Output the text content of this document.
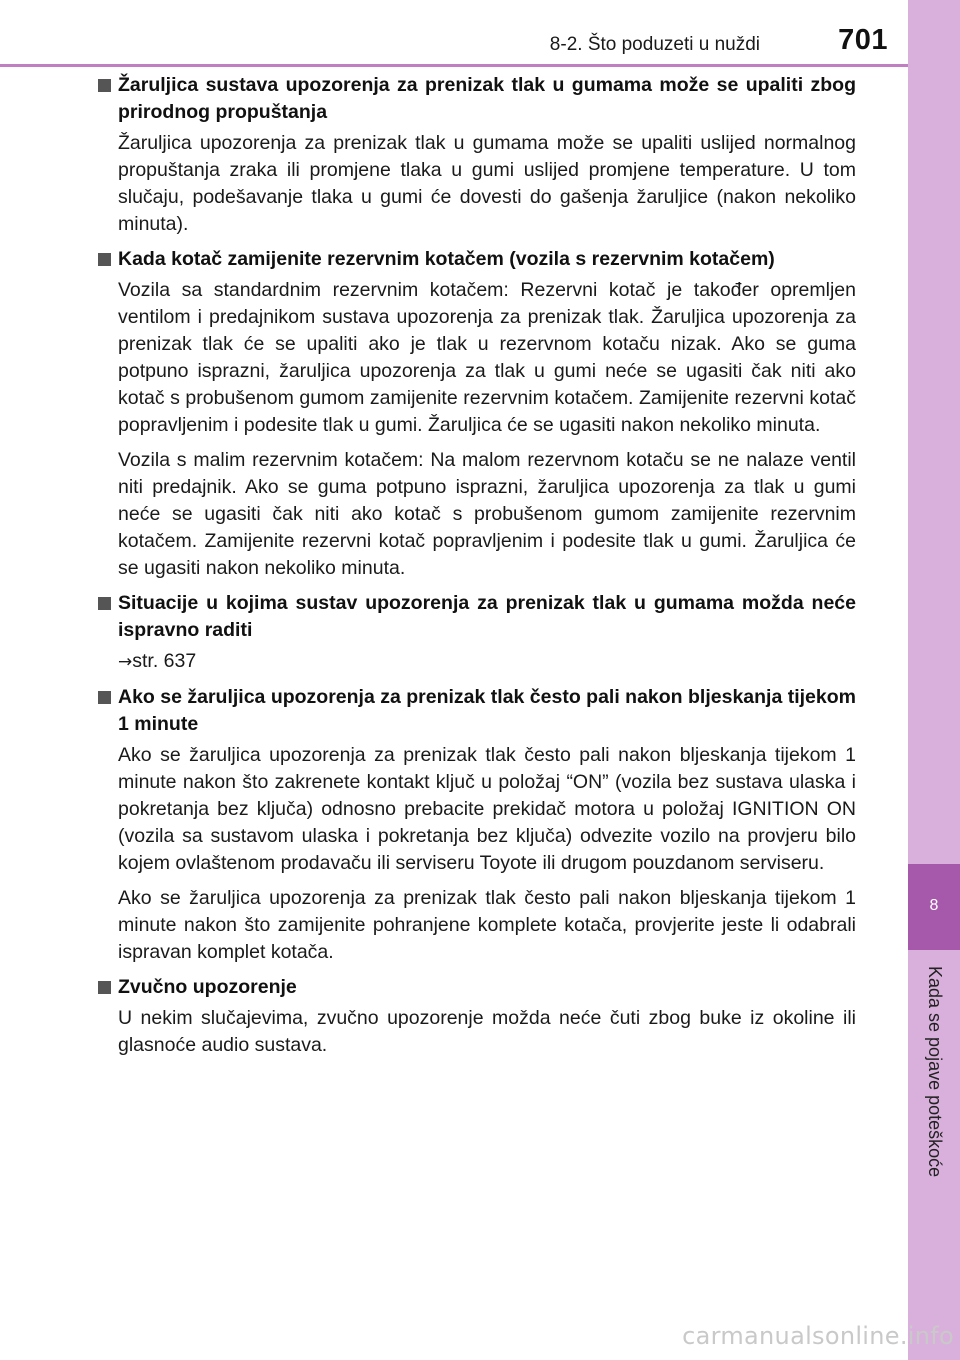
8-2. Što poduzeti u nuždi	701
8
Kada se pojave poteškoće
Žaruljica sustava upozorenja za prenizak tlak u gumama može se upaliti zbog prirodnog propuštanja
Žaruljica upozorenja za prenizak tlak u gumama može se upaliti uslijed normalnog propuštanja zraka ili promjene tlaka u gumi uslijed promjene temperature. U tom slučaju, podešavanje tlaka u gumi će dovesti do gašenja žaruljice (nakon nekoliko minuta).
Kada kotač zamijenite rezervnim kotačem (vozila s rezervnim kotačem)
Vozila sa standardnim rezervnim kotačem: Rezervni kotač je također opremljen ventilom i predajnikom sustava upozorenja za prenizak tlak. Žaruljica upozorenja za prenizak tlak će se upaliti ako je tlak u rezervnom kotaču nizak. Ako se guma potpuno isprazni, žaruljica upozorenja za tlak u gumi neće se ugasiti čak niti ako kotač s probušenom gumom zamijenite rezervnim kotačem. Zamijenite rezervni kotač popravljenim i podesite tlak u gumi. Žaruljica će se ugasiti nakon nekoliko minuta.
Vozila s malim rezervnim kotačem: Na malom rezervnom kotaču se ne nalaze ventil niti predajnik. Ako se guma potpuno isprazni, žaruljica upozorenja za tlak u gumi neće se ugasiti čak niti ako kotač s probušenom gumom zamijenite rezervnim kotačem. Zamijenite rezervni kotač popravljenim i podesite tlak u gumi. Žaruljica će se ugasiti nakon nekoliko minuta.
Situacije u kojima sustav upozorenja za prenizak tlak u gumama možda neće ispravno raditi
→str. 637
Ako se žaruljica upozorenja za prenizak tlak često pali nakon bljeskanja tijekom 1 minute
Ako se žaruljica upozorenja za prenizak tlak često pali nakon bljeskanja tijekom 1 minute nakon što zakrenete kontakt ključ u položaj “ON” (vozila bez sustava ulaska i pokretanja bez ključa) odnosno prebacite prekidač motora u položaj IGNITION ON (vozila sa sustavom ulaska i pokretanja bez ključa) odvezite vozilo na provjeru bilo kojem ovlaštenom prodavaču ili serviseru Toyote ili drugom pouzdanom serviseru.
Ako se žaruljica upozorenja za prenizak tlak često pali nakon bljeskanja tijekom 1 minute nakon što zamijenite pohranjene komplete kotača, provjerite jeste li odabrali ispravan komplet kotača.
Zvučno upozorenje
U nekim slučajevima, zvučno upozorenje možda neće čuti zbog buke iz okoline ili glasnoće audio sustava.
carmanualsonline.info
